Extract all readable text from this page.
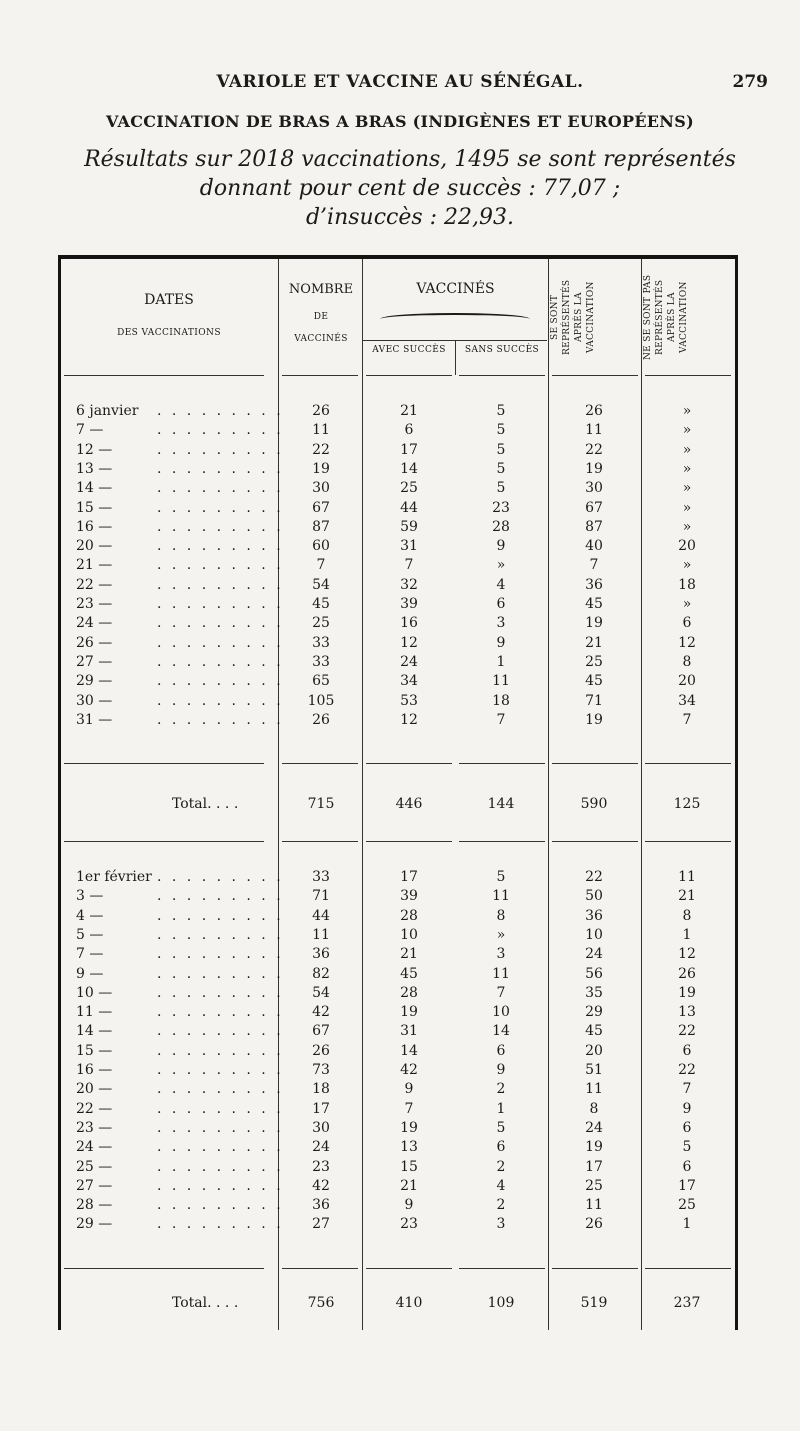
VARIOLE ET VACCINE AU SÉNÉGAL.	279
VACCINATION DE BRAS A BRAS (INDIGÈNES ET EUROPÉENS)
Résultats sur 2018 vaccinations, 1495 se sont représentés
donnant pour cent de succès : 77,07 ;
d’insuccès : 22,93.
DATES
DES VACCINATIONS
NOMBRE
DE
VACCINÉS
VACCINÉS
AVEC SUCCÈS	SANS SUCCÈS
SE SONT REPRÉSENTÉS APRÈS LA VACCINATION	NE SE SONT PAS REPRÉSENTÉS APRÈS LA VACCINATION
6 janvier . . . . . . . . .	26	21	5	26	»
7 —	. . . . . . . . .	11	6	5	11	»
12 —	. . . . . . . . .	22	17	5	22	»
13 —	. . . . . . . . .	19	14	5	19	»
14 —	. . . . . . . . .	30	25	5	30	»
15 —	. . . . . . . . .	67	44	23	67	»
16 —	. . . . . . . . .	87	59	28	87	»
20 —	. . . . . . . . .	60	31	9	40	20
21 —	. . . . . . . . .	7	7	»	7	»
22 —	. . . . . . . . .	54	32	4	36	18
23 —	. . . . . . . . .	45	39	6	45	»
24 —	. . . . . . . . .	25	16	3	19	6
26 —	. . . . . . . . .	33	12	9	21	12
27 —	. . . . . . . . .	33	24	1	25	8
29 —	. . . . . . . . .	65	34	11	45	20
30 —	. . . . . . . . .	105	53	18	71	34
31 —	. . . . . . . . .	26	12	7	19	7
Total. . . .	715	446	144	590	125
1er février . . . . . . . . .	33	17	5	22	11
3 —	. . . . . . . . .	71	39	11	50	21
4 —	. . . . . . . . .	44	28	8	36	8
5 —	. . . . . . . . .	11	10	»	10	1
7 —	. . . . . . . . .	36	21	3	24	12
9 —	. . . . . . . . .	82	45	11	56	26
10 —	. . . . . . . . .	54	28	7	35	19
11 —	. . . . . . . . .	42	19	10	29	13
14 —	. . . . . . . . .	67	31	14	45	22
15 —	. . . . . . . . .	26	14	6	20	6
16 —	. . . . . . . . .	73	42	9	51	22
20 —	. . . . . . . . .	18	9	2	11	7
22 —	. . . . . . . . .	17	7	1	8	9
23 —	. . . . . . . . .	30	19	5	24	6
24 —	. . . . . . . . .	24	13	6	19	5
25 —	. . . . . . . . .	23	15	2	17	6
27 —	. . . . . . . . .	42	21	4	25	17
28 —	. . . . . . . . .	36	9	2	11	25
29 —	. . . . . . . . .	27	23	3	26	1
Total. . . .	756	410	109	519	237
